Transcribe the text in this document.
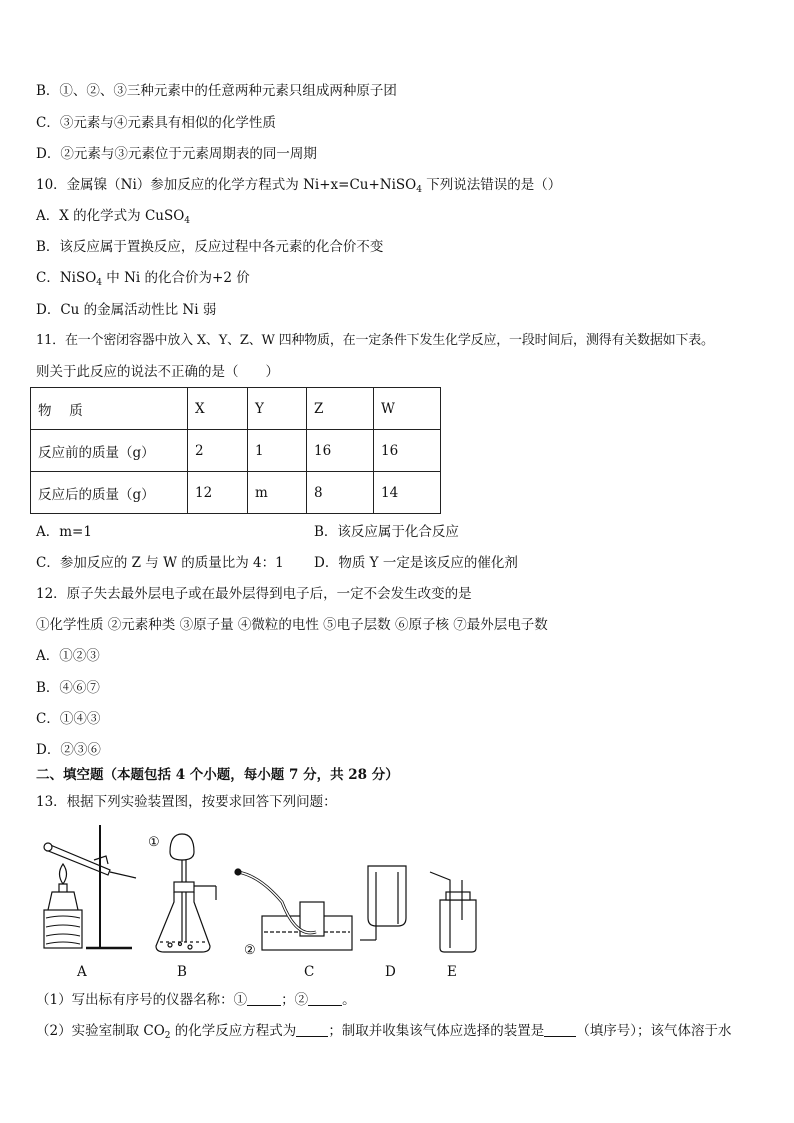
B．①、②、③三种元素中的任意两种元素只组成两种原子团
C．③元素与④元素具有相似的化学性质
D．②元素与③元素位于元素周期表的同一周期
10．金属镍（Ni）参加反应的化学方程式为 Ni+x=Cu+NiSO$_4$ 下列说法错误的是（）
A．X 的化学式为 CuSO$_4$
B．该反应属于置换反应，反应过程中各元素的化合价不变
C．NiSO$_4$ 中 Ni 的化合价为+2 价
D．Cu 的金属活动性比 Ni 弱
11．在一个密闭容器中放入 X、Y、Z、W 四种物质，在一定条件下发生化学反应，一段时间后，测得有关数据如下表。
则关于此反应的说法不正确的是（　　）
物　 质	X	Y	Z	W
反应前的质量（g）	2	1	16	16
反应后的质量（g）	12	m	8	14
A．m=1	B．该反应属于化合反应
C．参加反应的 Z 与 W 的质量比为 4：1 D．物质 Y 一定是该反应的催化剂
12．原子失去最外层电子或在最外层得到电子后，一定不会发生改变的是
①化学性质 ②元素种类 ③原子量 ④微粒的电性 ⑤电子层数 ⑥原子核 ⑦最外层电子数
A．①②③
B．④⑥⑦
C．①④③
D．②③⑥
二、填空题（本题包括 4 个小题，每小题 7 分，共 28 分）
13．根据下列实验装置图，按要求回答下列问题：
①
②
A	B	C	D	E
（1）写出标有序号的仪器名称：①	；②	。
（2）实验室制取 $CO_2$ 的化学反应方程式为 ；制取并收集该气体应选择的装置是 （填序号）；该气体溶于水
